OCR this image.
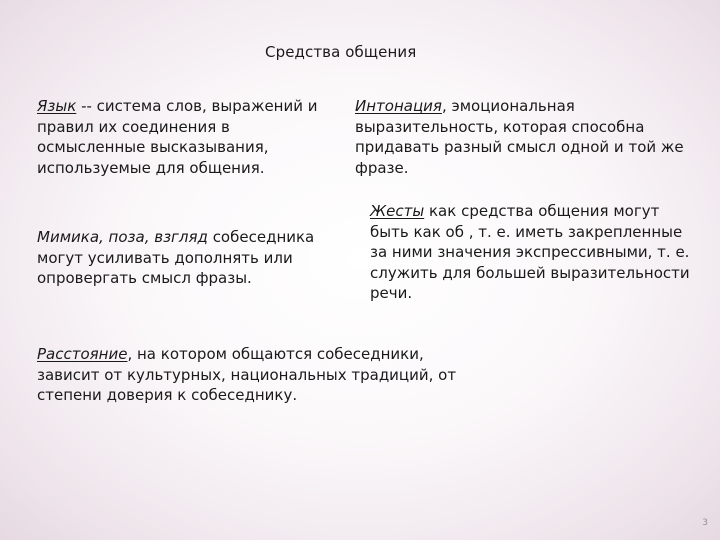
Средства общения

Язык -- система слов, выражений и правил их соединения в осмысленные высказывания, используемые для общения.

Мимика, поза, взгляд собеседника могут усиливать дополнять или опровергать смысл фразы.

Интонация, эмоциональная выразительность, которая способна придавать разный смысл одной и той же фразе.

Жесты как средства общения могут быть как об , т. е. иметь закрепленные за ними значения экспрессивными, т. е. служить для большей выразительности речи.

Расстояние, на котором общаются собеседники, зависит от культурных, национальных традиций, от степени доверия к собеседнику.

3
